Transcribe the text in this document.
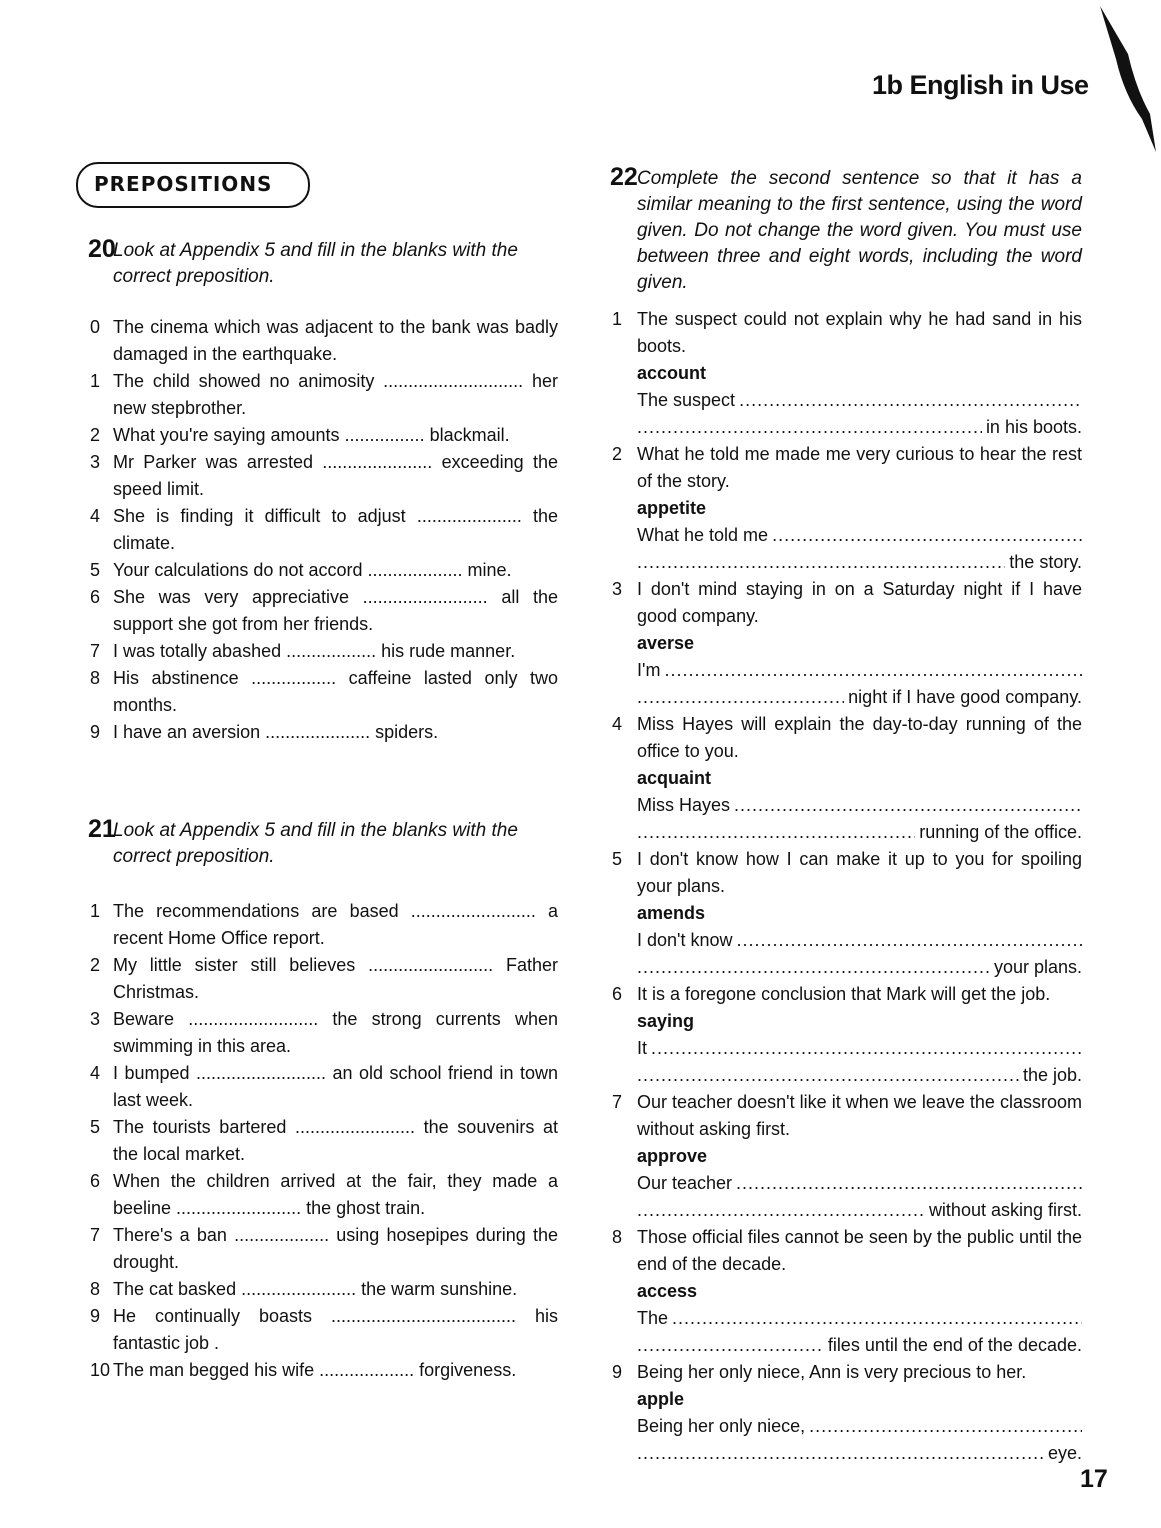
1b English in Use
PREPOSITIONS
20
Look at Appendix 5 and fill in the blanks with the correct preposition.
0 The cinema which was adjacent to the bank was badly damaged in the earthquake.
1 The child showed no animosity ............................ her new stepbrother.
2 What you're saying amounts ................ blackmail.
3 Mr Parker was arrested ...................... exceeding the speed limit.
4 She is finding it difficult to adjust ..................... the climate.
5 Your calculations do not accord ................... mine.
6 She was very appreciative ......................... all the support she got from her friends.
7 I was totally abashed .................. his rude manner.
8 His abstinence ................. caffeine lasted only two months.
9 I have an aversion ..................... spiders.
21
Look at Appendix 5 and fill in the blanks with the correct preposition.
1 The recommendations are based ......................... a recent Home Office report.
2 My little sister still believes ......................... Father Christmas.
3 Beware .......................... the strong currents when swimming in this area.
4 I bumped .......................... an old school friend in town last week.
5 The tourists bartered ........................ the souvenirs at the local market.
6 When the children arrived at the fair, they made a beeline ......................... the ghost train.
7 There's a ban ................... using hosepipes during the drought.
8 The cat basked ....................... the warm sunshine.
9 He continually boasts ..................................... his fantastic job .
10 The man begged his wife ................... forgiveness.
22 Complete the second sentence so that it has a similar meaning to the first sentence, using the word given. Do not change the word given. You must use between three and eight words, including the word given.
1 The suspect could not explain why he had sand in his boots.
account
The suspect
.....
.....
in his boots.
2 What he told me made me very curious to hear the rest of the story.
appetite
What he told me
.....
.....
the story.
3 I don't mind staying in on a Saturday night if I have good company.
averse
I'm
.....
.....
night if I have good company.
4 Miss Hayes will explain the day-to-day running of the office to you.
acquaint
Miss Hayes
.....
.....
running of the office.
5 I don't know how I can make it up to you for spoiling your plans.
amends
I don't know
.....
.....
your plans.
6 It is a foregone conclusion that Mark will get the job.
saying
It
.....
.....
the job.
7 Our teacher doesn't like it when we leave the classroom without asking first.
approve
Our teacher
.....
.....
without asking first.
8 Those official files cannot be seen by the public until the end of the decade.
access
The
.....
.....
files until the end of the decade.
9 Being her only niece, Ann is very precious to her.
apple
Being her only niece,
.....
.....
eye.
17
